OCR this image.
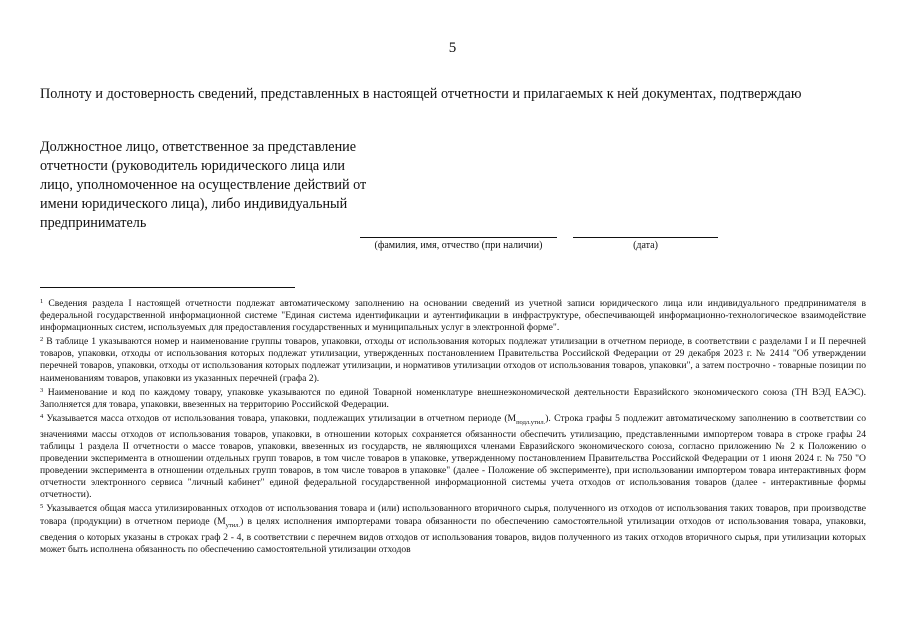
5
Полноту и достоверность сведений, представленных в настоящей отчетности и прилагаемых к ней документах, подтверждаю
Должностное лицо, ответственное за представление отчетности (руководитель юридического лица или лицо, уполномоченное на осуществление действий от имени юридического лица), либо индивидуальный предприниматель
(фамилия, имя, отчество (при наличии)	(дата)

$^1$ Сведения раздела I настоящей отчетности подлежат автоматическому заполнению на основании сведений из учетной записи юридического лица или индивидуального предпринимателя в федеральной государственной информационной системе "Единая система идентификации и аутентификации в инфраструктуре, обеспечивающей информационно-технологическое взаимодействие информационных систем, используемых для предоставления государственных и муниципальных услуг в электронной форме".

$^2$ В таблице 1 указываются номер и наименование группы товаров, упаковки, отходы от использования которых подлежат утилизации в отчетном периоде, в соответствии с разделами I и II перечней товаров, упаковки, отходы от использования которых подлежат утилизации, утвержденных постановлением Правительства Российской Федерации от 29 декабря 2023 г. № 2414 "Об утверждении перечней товаров, упаковки, отходы от использования которых подлежат утилизации, и нормативов утилизации отходов от использования товаров, упаковки", а затем построчно - товарные позиции по наименованиям товаров, упаковки из указанных перечней (графа 2).

$^3$ Наименование и код по каждому товару, упаковке указываются по единой Товарной номенклатуре внешнеэкономической деятельности Евразийского экономического союза (ТН ВЭД ЕАЭС). Заполняется для товара, упаковки, ввезенных на территорию Российской Федерации.

$^4$ Указывается масса отходов от использования товара, упаковки, подлежащих утилизации в отчетном периоде $(М_{подл.утил.})$. Строка графы 5 подлежит автоматическому заполнению в соответствии со значениями массы отходов от использования товаров, упаковки, в отношении которых сохраняется обязанности обеспечить утилизацию, представленными импортером товара в строке графы 24 таблицы 1 раздела II отчетности о массе товаров, упаковки, ввезенных из государств, не являющихся членами Евразийского экономического союза, согласно приложению № 2 к Положению о проведении эксперимента в отношении отдельных групп товаров, в том числе товаров в упаковке, утвержденному постановлением Правительства Российской Федерации от 1 июня 2024 г. № 750 "О проведении эксперимента в отношении отдельных групп товаров, в том числе товаров в упаковке" (далее - Положение об эксперименте), при использовании импортером товара интерактивных форм отчетности электронного сервиса "личный кабинет" единой федеральной государственной информационной системы учета отходов от использования товаров (далее - интерактивные формы отчетности).

$^5$ Указывается общая масса утилизированных отходов от использования товара и (или) использованного вторичного сырья, полученного из отходов от использования таких товаров, при производстве товара (продукции) в отчетном периоде $(М_{утил.})$ в целях исполнения импортерами товара обязанности по обеспечению самостоятельной утилизации отходов от использования товара, упаковки, сведения о которых указаны в строках граф 2 - 4, в соответствии с перечнем видов отходов от использования товаров, видов полученного из таких отходов вторичного сырья, при утилизации которых может быть исполнена обязанность по обеспечению самостоятельной утилизации отходов
